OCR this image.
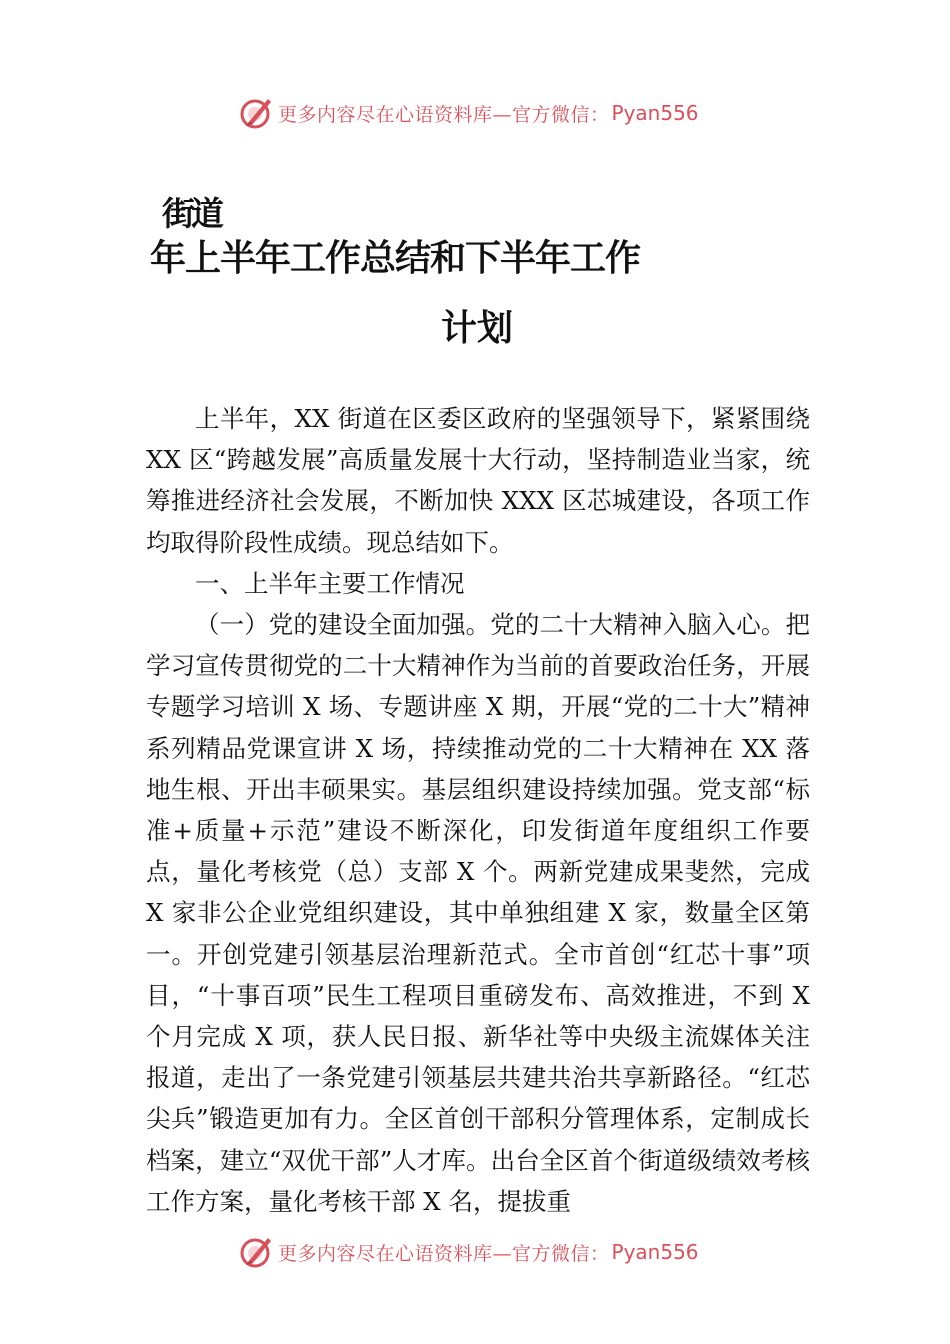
更多内容尽在心语资料库—官方微信： Pyan556
街道
年上半年工作总结和下半年工作
计划

上半年，XX 街道在区委区政府的坚强领导下，紧紧围绕 XX 区“跨越发展”高质量发展十大行动，坚持制造业当家，统筹推进经济社会发展，不断加快 XXX 区芯城建设，各项工作均取得阶段性成绩。现总结如下。

一、上半年主要工作情况

（一）党的建设全面加强。党的二十大精神入脑入心。把学习宣传贯彻党的二十大精神作为当前的首要政治任务，开展专题学习培训 X 场、专题讲座 X 期，开展“党的二十大”精神系列精品党课宣讲 X 场，持续推动党的二十大精神在 XX 落地生根、开出丰硕果实。基层组织建设持续加强。党支部“标准+质量+示范”建设不断深化，印发街道年度组织工作要点，量化考核党（总）支部 X 个。两新党建成果斐然，完成 X 家非公企业党组织建设，其中单独组建 X 家，数量全区第一。开创党建引领基层治理新范式。全市首创“红芯十事”项目，“十事百项”民生工程项目重磅发布、高效推进，不到 X 个月完成 X 项，获人民日报、新华社等中央级主流媒体关注报道，走出了一条党建引领基层共建共治共享新路径。“红芯尖兵”锻造更加有力。全区首创干部积分管理体系，定制成长档案，建立“双优干部”人才库。出台全区首个街道级绩效考核工作方案，量化考核干部 X 名，提拔重

更多内容尽在心语资料库—官方微信： Pyan556
